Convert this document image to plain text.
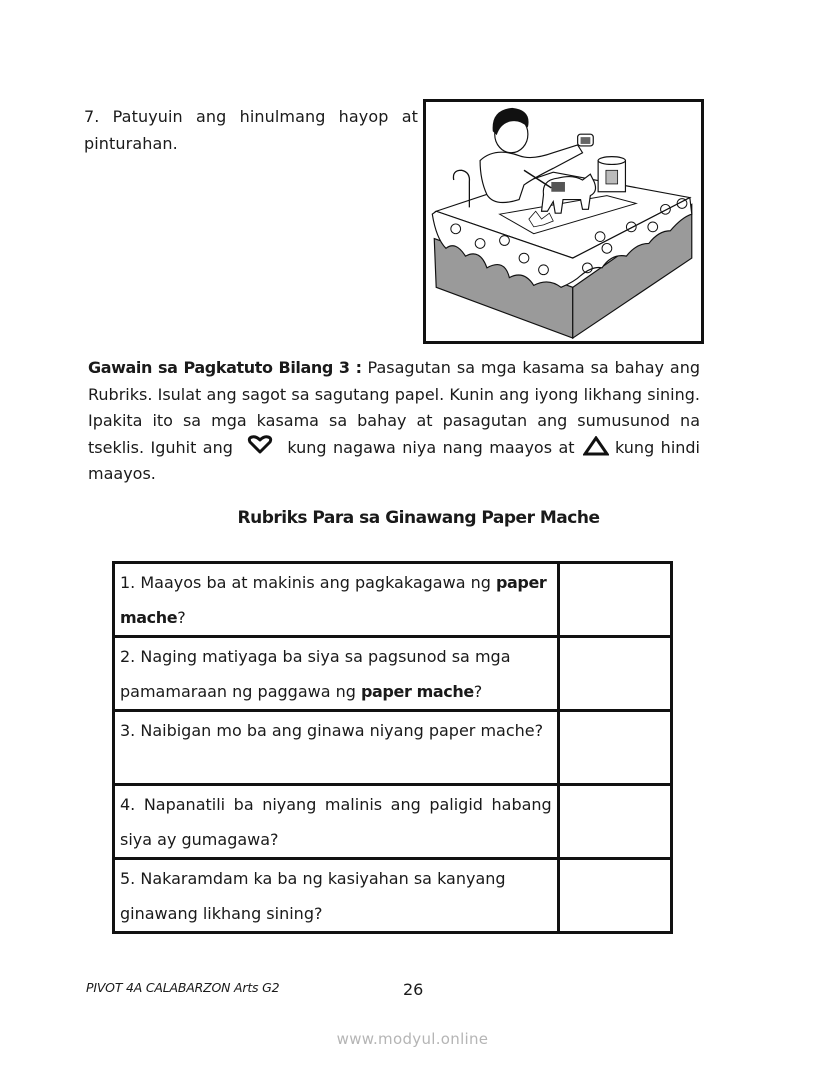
7. Patuyuin ang hinulmang hayop at
pinturahan.
Gawain sa Pagkatuto Bilang 3 : Pasagutan sa mga kasama sa bahay ang Rubriks. Isulat ang sagot sa sagutang papel. Kunin ang iyong likhang sining. Ipakita ito sa mga kasama sa bahay at pasagutan ang sumusunod na tseklis. Iguhit ang	kung nagawa niya nang maayos at	kung hindi maayos.
Rubriks Para sa Ginawang Paper Mache
1. Maayos ba at makinis ang pagkakagawa ng paper mache?	
2. Naging matiyaga ba siya sa pagsunod sa mga pamamaraan ng paggawa ng paper mache?	
3. Naibigan mo ba ang ginawa niyang paper mache?	
4. Napanatili ba niyang malinis ang paligid habang siya ay gumagawa?	
5. Nakaramdam ka ba ng kasiyahan sa kanyang ginawang likhang sining?	
PIVOT 4A CALABARZON Arts G2	26
www.modyul.online
